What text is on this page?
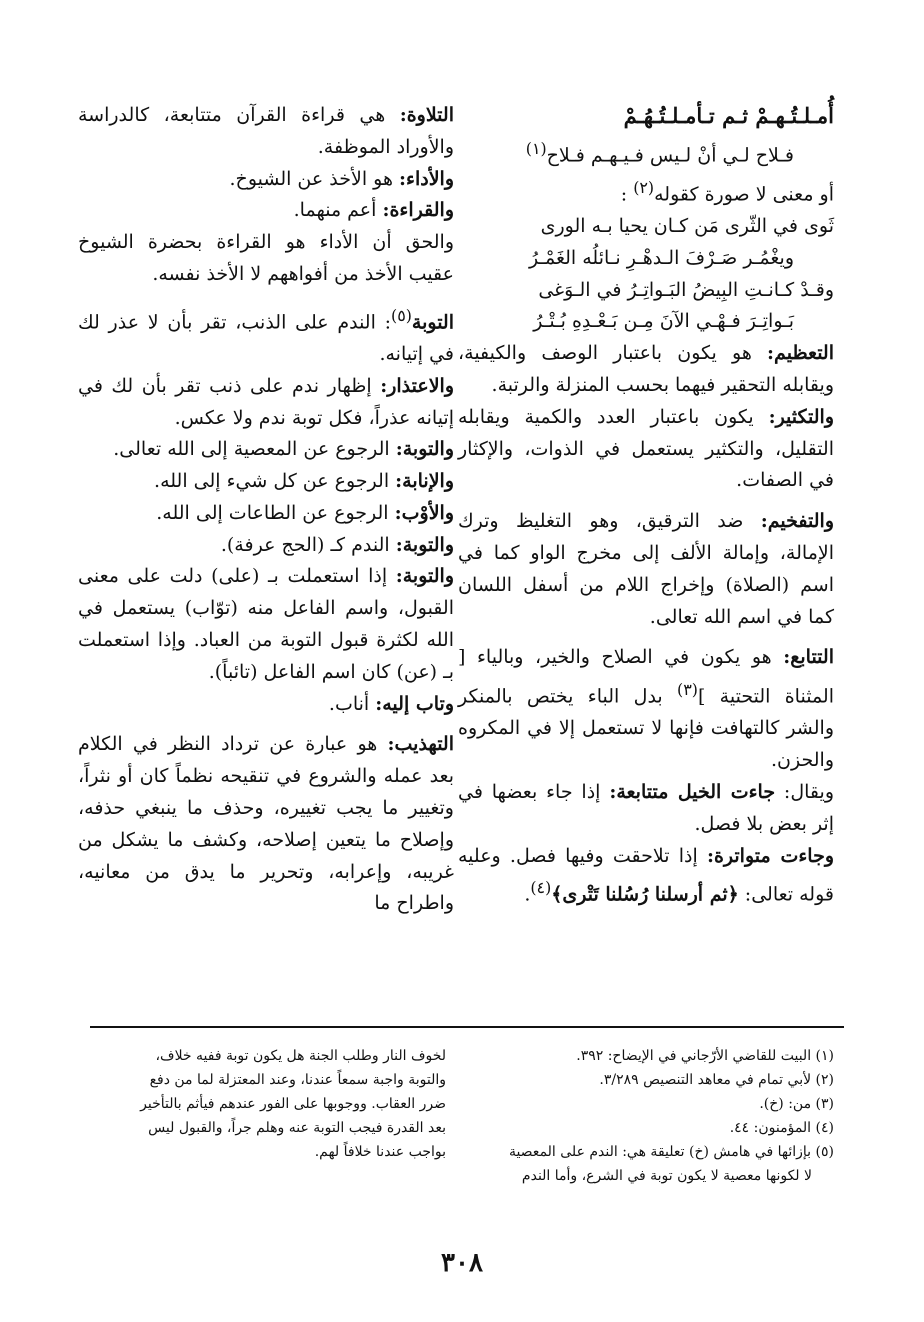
أُمـلـتُـهـمْ ثـم تـأمـلـتُـهُـمْ

فـلاح لـي أنْ لـيس فـيـهـم فـلاح$^{(١)}$

أو معنى لا صورة كقوله$^{(٢)}$ :

ثَوى في الثّرى مَن كـان يحيا بـه الورى

ويغْمُـر صَـرْفَ الـدهْـرِ نـائلُه الغَمْـرُ

وقـدْ كـانـتِ البِيضُ البَـواتِـرُ في الـوَغى

بَـواتِـرَ فـهْـي الآنَ مِـن بَـعْـدِهِ بُـتْـرُ

التعظيم: هو يكون باعتبار الوصف والكيفية، ويقابله التحقير فيهما بحسب المنزلة والرتبة.

والتكثير: يكون باعتبار العدد والكمية ويقابله التقليل، والتكثير يستعمل في الذوات، والإكثار في الصفات.

والتفخيم: ضد الترقيق، وهو التغليظ وترك الإمالة، وإمالة الألف إلى مخرج الواو كما في اسم (الصلاة) وإخراج اللام من أسفل اللسان كما في اسم الله تعالى.

التتابع: هو يكون في الصلاح والخير، وبالياء [ المثناة التحتية ]$^{(٣)}$ بدل الباء يختص بالمنكر والشر كالتهافت فإنها لا تستعمل إلا في المكروه والحزن.

ويقال: جاءت الخيل متتابعة: إذا جاء بعضها في إثر بعض بلا فصل.

وجاءت متواترة: إذا تلاحقت وفيها فصل. وعليه قوله تعالى: ﴿ثم أرسلنا رُسُلنا تَتْرى﴾$^{(٤)}$.

التلاوة: هي قراءة القرآن متتابعة، كالدراسة والأوراد الموظفة.

والأداء: هو الأخذ عن الشيوخ.

والقراءة: أعم منهما.

والحق أن الأداء هو القراءة بحضرة الشيوخ عقيب الأخذ من أفواههم لا الأخذ نفسه.

التوبة$^{(٥)}$: الندم على الذنب، تقر بأن لا عذر لك في إتيانه.

والاعتذار: إظهار ندم على ذنب تقر بأن لك في إتيانه عذراً، فكل توبة ندم ولا عكس.

والتوبة: الرجوع عن المعصية إلى الله تعالى.

والإنابة: الرجوع عن كل شيء إلى الله.

والأوْب: الرجوع عن الطاعات إلى الله.

والتوبة: الندم كـ (الحج عرفة).

والتوبة: إذا استعملت بـ (على) دلت على معنى القبول، واسم الفاعل منه (توّاب) يستعمل في الله لكثرة قبول التوبة من العباد. وإذا استعملت بـ (عن) كان اسم الفاعل (تائباً).

وتاب إليه: أناب.

التهذيب: هو عبارة عن ترداد النظر في الكلام بعد عمله والشروع في تنقيحه نظماً كان أو نثراً، وتغيير ما يجب تغييره، وحذف ما ينبغي حذفه، وإصلاح ما يتعين إصلاحه، وكشف ما يشكل من غريبه، وإعرابه، وتحرير ما يدق من معانيه، واطراح ما

(١) البيت للقاضي الأرّجاني في الإيضاح: ٣٩٢.

(٢) لأبي تمام في معاهد التنصيص ٣/٢٨٩.

(٣) من: (خ).

(٤) المؤمنون: ٤٤.

(٥) بإزائها في هامش (خ) تعليقة هي: الندم على المعصية

لا لكونها معصية لا يكون توبة في الشرع، وأما الندم

لخوف النار وطلب الجنة هل يكون توبة ففيه خلاف،

والتوبة واجبة سمعاً عندنا، وعند المعتزلة لما من دفع

ضرر العقاب. ووجوبها على الفور عندهم فيأثم بالتأخير

بعد القدرة فيجب التوبة عنه وهلم جراً، والقبول ليس

بواجب عندنا خلافاً لهم.

٣٠٨
